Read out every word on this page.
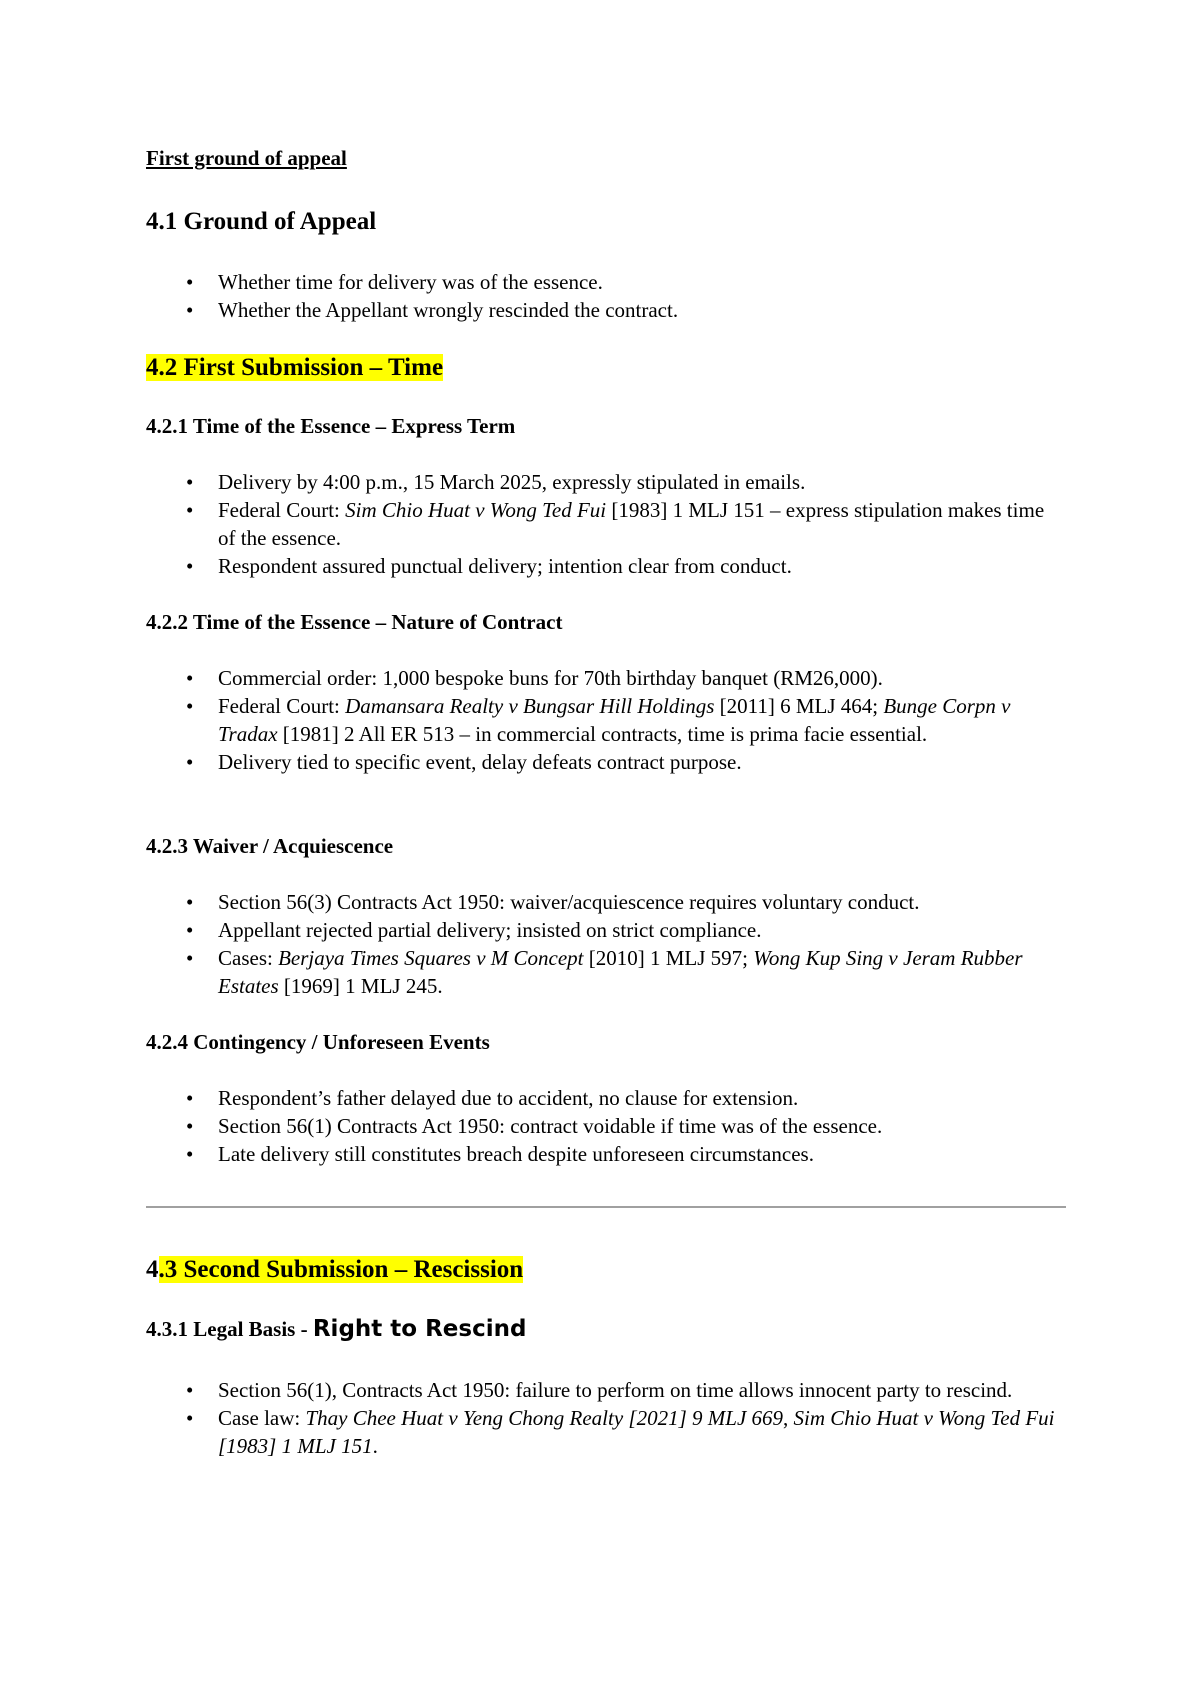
First ground of appeal

4.1 Ground of Appeal
• Whether time for delivery was of the essence.
• Whether the Appellant wrongly rescinded the contract.
4.2 First Submission – Time
4.2.1 Time of the Essence – Express Term
• Delivery by 4:00 p.m., 15 March 2025, expressly stipulated in emails.
• Federal Court: Sim Chio Huat v Wong Ted Fui [1983] 1 MLJ 151 – express stipulation makes time of the essence.
• Respondent assured punctual delivery; intention clear from conduct.
4.2.2 Time of the Essence – Nature of Contract
• Commercial order: 1,000 bespoke buns for 70th birthday banquet (RM26,000).
• Federal Court: Damansara Realty v Bungsar Hill Holdings [2011] 6 MLJ 464; Bunge Corpn v Tradax [1981] 2 All ER 513 – in commercial contracts, time is prima facie essential.
• Delivery tied to specific event, delay defeats contract purpose.
4.2.3 Waiver / Acquiescence
• Section 56(3) Contracts Act 1950: waiver/acquiescence requires voluntary conduct.
• Appellant rejected partial delivery; insisted on strict compliance.
• Cases: Berjaya Times Squares v M Concept [2010] 1 MLJ 597; Wong Kup Sing v Jeram Rubber Estates [1969] 1 MLJ 245.
4.2.4 Contingency / Unforeseen Events
• Respondent’s father delayed due to accident, no clause for extension.
• Section 56(1) Contracts Act 1950: contract voidable if time was of the essence.
• Late delivery still constitutes breach despite unforeseen circumstances.
4.3 Second Submission – Rescission
4.3.1 Legal Basis - Right to Rescind
• Section 56(1), Contracts Act 1950: failure to perform on time allows innocent party to rescind.
• Case law: Thay Chee Huat v Yeng Chong Realty [2021] 9 MLJ 669, Sim Chio Huat v Wong Ted Fui [1983] 1 MLJ 151.
